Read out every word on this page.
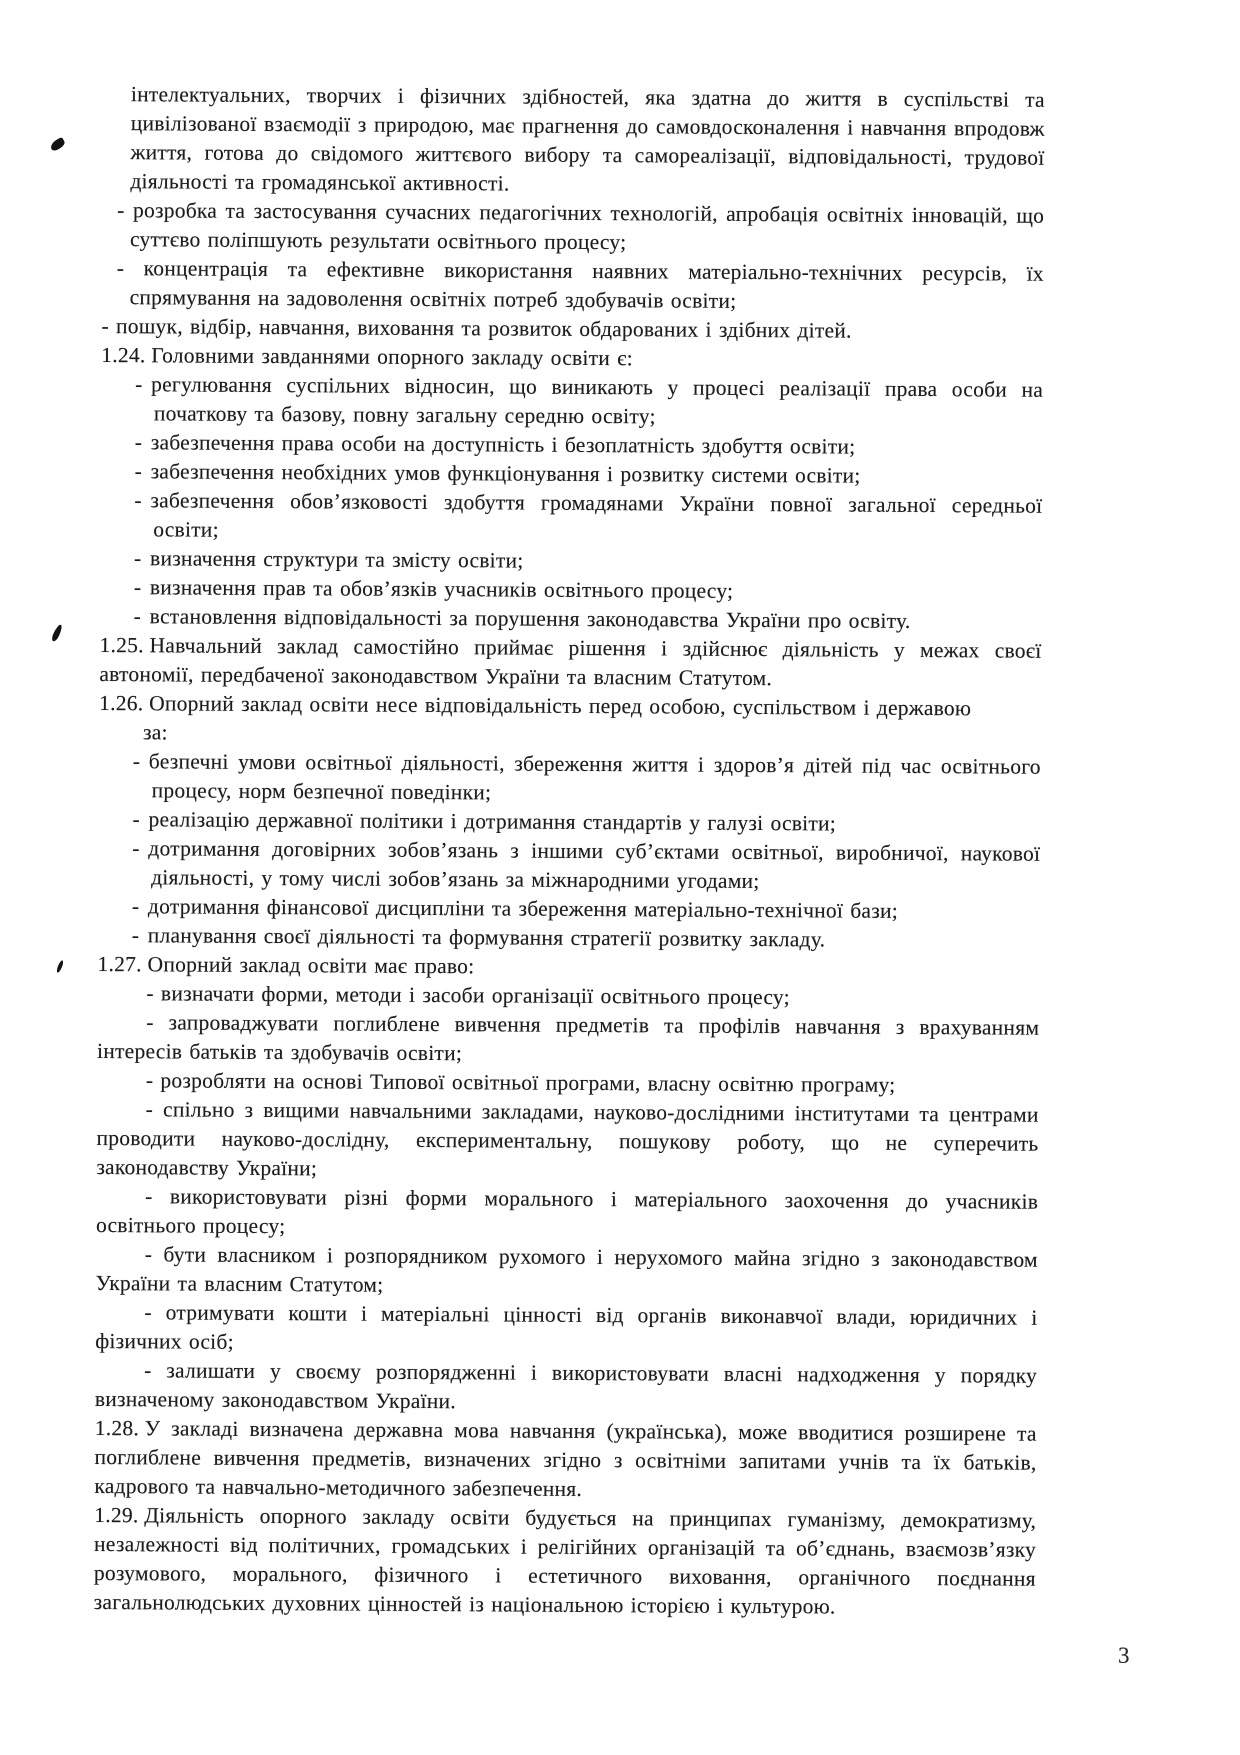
інтелектуальних, творчих і фізичних здібностей, яка здатна до життя в суспільстві та цивілізованої взаємодії з природою, має прагнення до самовдосконалення і навчання впродовж життя, готова до свідомого життєвого вибору та самореалізації, відповідальності, трудової діяльності та громадянської активності.

- розробка та застосування сучасних педагогічних технологій, апробація освітніх інновацій, що суттєво поліпшують результати освітнього процесу;

- концентрація та ефективне використання наявних матеріально-технічних ресурсів, їх спрямування на задоволення освітніх потреб здобувачів освіти;

- пошук, відбір, навчання, виховання та розвиток обдарованих і здібних дітей.

1.24. Головними завданнями опорного закладу освіти є:

- регулювання суспільних відносин, що виникають у процесі реалізації права особи на початкову та базову, повну загальну середню освіту;

- забезпечення права особи на доступність і безоплатність здобуття освіти;

- забезпечення необхідних умов функціонування і розвитку системи освіти;

- забезпечення обов’язковості здобуття громадянами України повної загальної середньої освіти;

- визначення структури та змісту освіти;

- визначення прав та обов’язків учасників освітнього процесу;

- встановлення відповідальності за порушення законодавства України про освіту.

1.25. Навчальний заклад самостійно приймає рішення і здійснює діяльність у межах своєї автономії, передбаченої законодавством України та власним Статутом.

1.26. Опорний заклад освіти несе відповідальність перед особою, суспільством і державою

за:

- безпечні умови освітньої діяльності, збереження життя і здоров’я дітей під час освітнього процесу, норм безпечної поведінки;

- реалізацію державної політики і дотримання стандартів у галузі освіти;

- дотримання договірних зобов’язань з іншими суб’єктами освітньої, виробничої, наукової діяльності, у тому числі зобов’язань за міжнародними угодами;

- дотримання фінансової дисципліни та збереження матеріально-технічної бази;

- планування своєї діяльності та формування стратегії розвитку закладу.

1.27. Опорний заклад освіти має право:

- визначати форми, методи і засоби організації освітнього процесу;

- запроваджувати поглиблене вивчення предметів та профілів навчання з врахуванням інтересів батьків та здобувачів освіти;

- розробляти на основі Типової освітньої програми, власну освітню програму;

- спільно з вищими навчальними закладами, науково-дослідними інститутами та центрами проводити науково-дослідну, експериментальну, пошукову роботу, що не суперечить законодавству України;

- використовувати різні форми морального і матеріального заохочення до учасників освітнього процесу;

- бути власником і розпорядником рухомого і нерухомого майна згідно з законодавством України та власним Статутом;

- отримувати кошти і матеріальні цінності від органів виконавчої влади, юридичних і фізичних осіб;

- залишати у своєму розпорядженні і використовувати власні надходження у порядку визначеному законодавством України.

1.28. У закладі визначена державна мова навчання (українська), може вводитися розширене та поглиблене вивчення предметів, визначених згідно з освітніми запитами учнів та їх батьків, кадрового та навчально-методичного забезпечення.

1.29. Діяльність опорного закладу освіти будується на принципах гуманізму, демократизму, незалежності від політичних, громадських і релігійних організацій та об’єднань, взаємозв’язку розумового, морального, фізичного і естетичного виховання, органічного поєднання загальнолюдських духовних цінностей із національною історією і культурою.

3
